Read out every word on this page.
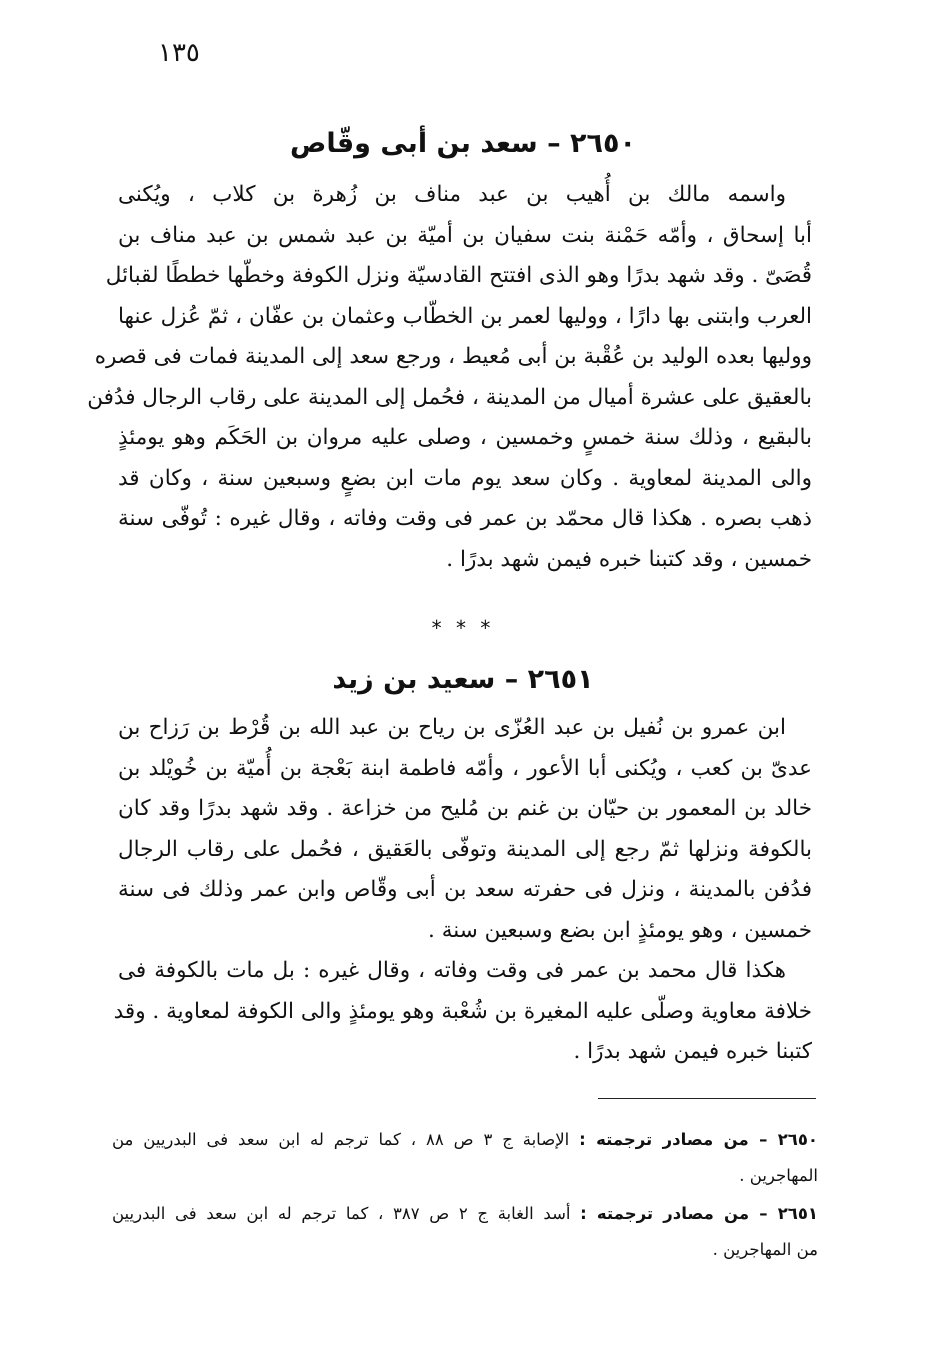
١٣٥
٢٦٥٠ – سعد بن أبى وقّاص
واسمه مالك بن أُهيب بن عبد مناف بن زُهرة بن كلاب ، ويُكنى
أبا إسحاق ، وأمّه حَمْنة بنت سفيان بن أميّة بن عبد شمس بن عبد مناف بن
قُصَىّ . وقد شهد بدرًا وهو الذى افتتح القادسيّة ونزل الكوفة وخطّها خططًا لقبائل
العرب وابتنى بها دارًا ، ووليها لعمر بن الخطّاب وعثمان بن عفّان ، ثمّ عُزل عنها
ووليها بعده الوليد بن عُقْبة بن أبى مُعيط ، ورجع سعد إلى المدينة فمات فى قصره
بالعقيق على عشرة أميال من المدينة ، فحُمل إلى المدينة على رقاب الرجال فدُفن
بالبقيع ، وذلك سنة خمسٍ وخمسين ، وصلى عليه مروان بن الحَكَم وهو يومئذٍ
والى المدينة لمعاوية . وكان سعد يوم مات ابن بضعٍ وسبعين سنة ، وكان قد
ذهب بصره . هكذا قال محمّد بن عمر فى وقت وفاته ، وقال غيره : تُوفّى سنة
خمسين ، وقد كتبنا خبره فيمن شهد بدرًا .
* * *
٢٦٥١ – سعيد بن زيد
ابن عمرو بن نُفيل بن عبد العُزّى بن رياح بن عبد الله بن قُرْط بن رَزاح بن
عدىّ بن كعب ، ويُكنى أبا الأعور ، وأمّه فاطمة ابنة بَعْجة بن أُميّة بن خُويْلد بن
خالد بن المعمور بن حيّان بن غنم بن مُليح من خزاعة . وقد شهد بدرًا وقد كان
بالكوفة ونزلها ثمّ رجع إلى المدينة وتوفّى بالعَقيق ، فحُمل على رقاب الرجال
فدُفن بالمدينة ، ونزل فى حفرته سعد بن أبى وقّاص وابن عمر وذلك فى سنة
خمسين ، وهو يومئذٍ ابن بضع وسبعين سنة .
هكذا قال محمد بن عمر فى وقت وفاته ، وقال غيره : بل مات بالكوفة فى
خلافة معاوية وصلّى عليه المغيرة بن شُعْبة وهو يومئذٍ والى الكوفة لمعاوية . وقد
كتبنا خبره فيمن شهد بدرًا .
٢٦٥٠ – من مصادر ترجمته : الإصابة ج ٣ ص ٨٨ ، كما ترجم له ابن سعد فى البدريين من
المهاجرين .
٢٦٥١ – من مصادر ترجمته : أسد الغابة ج ٢ ص ٣٨٧ ، كما ترجم له ابن سعد فى البدريين
من المهاجرين .
